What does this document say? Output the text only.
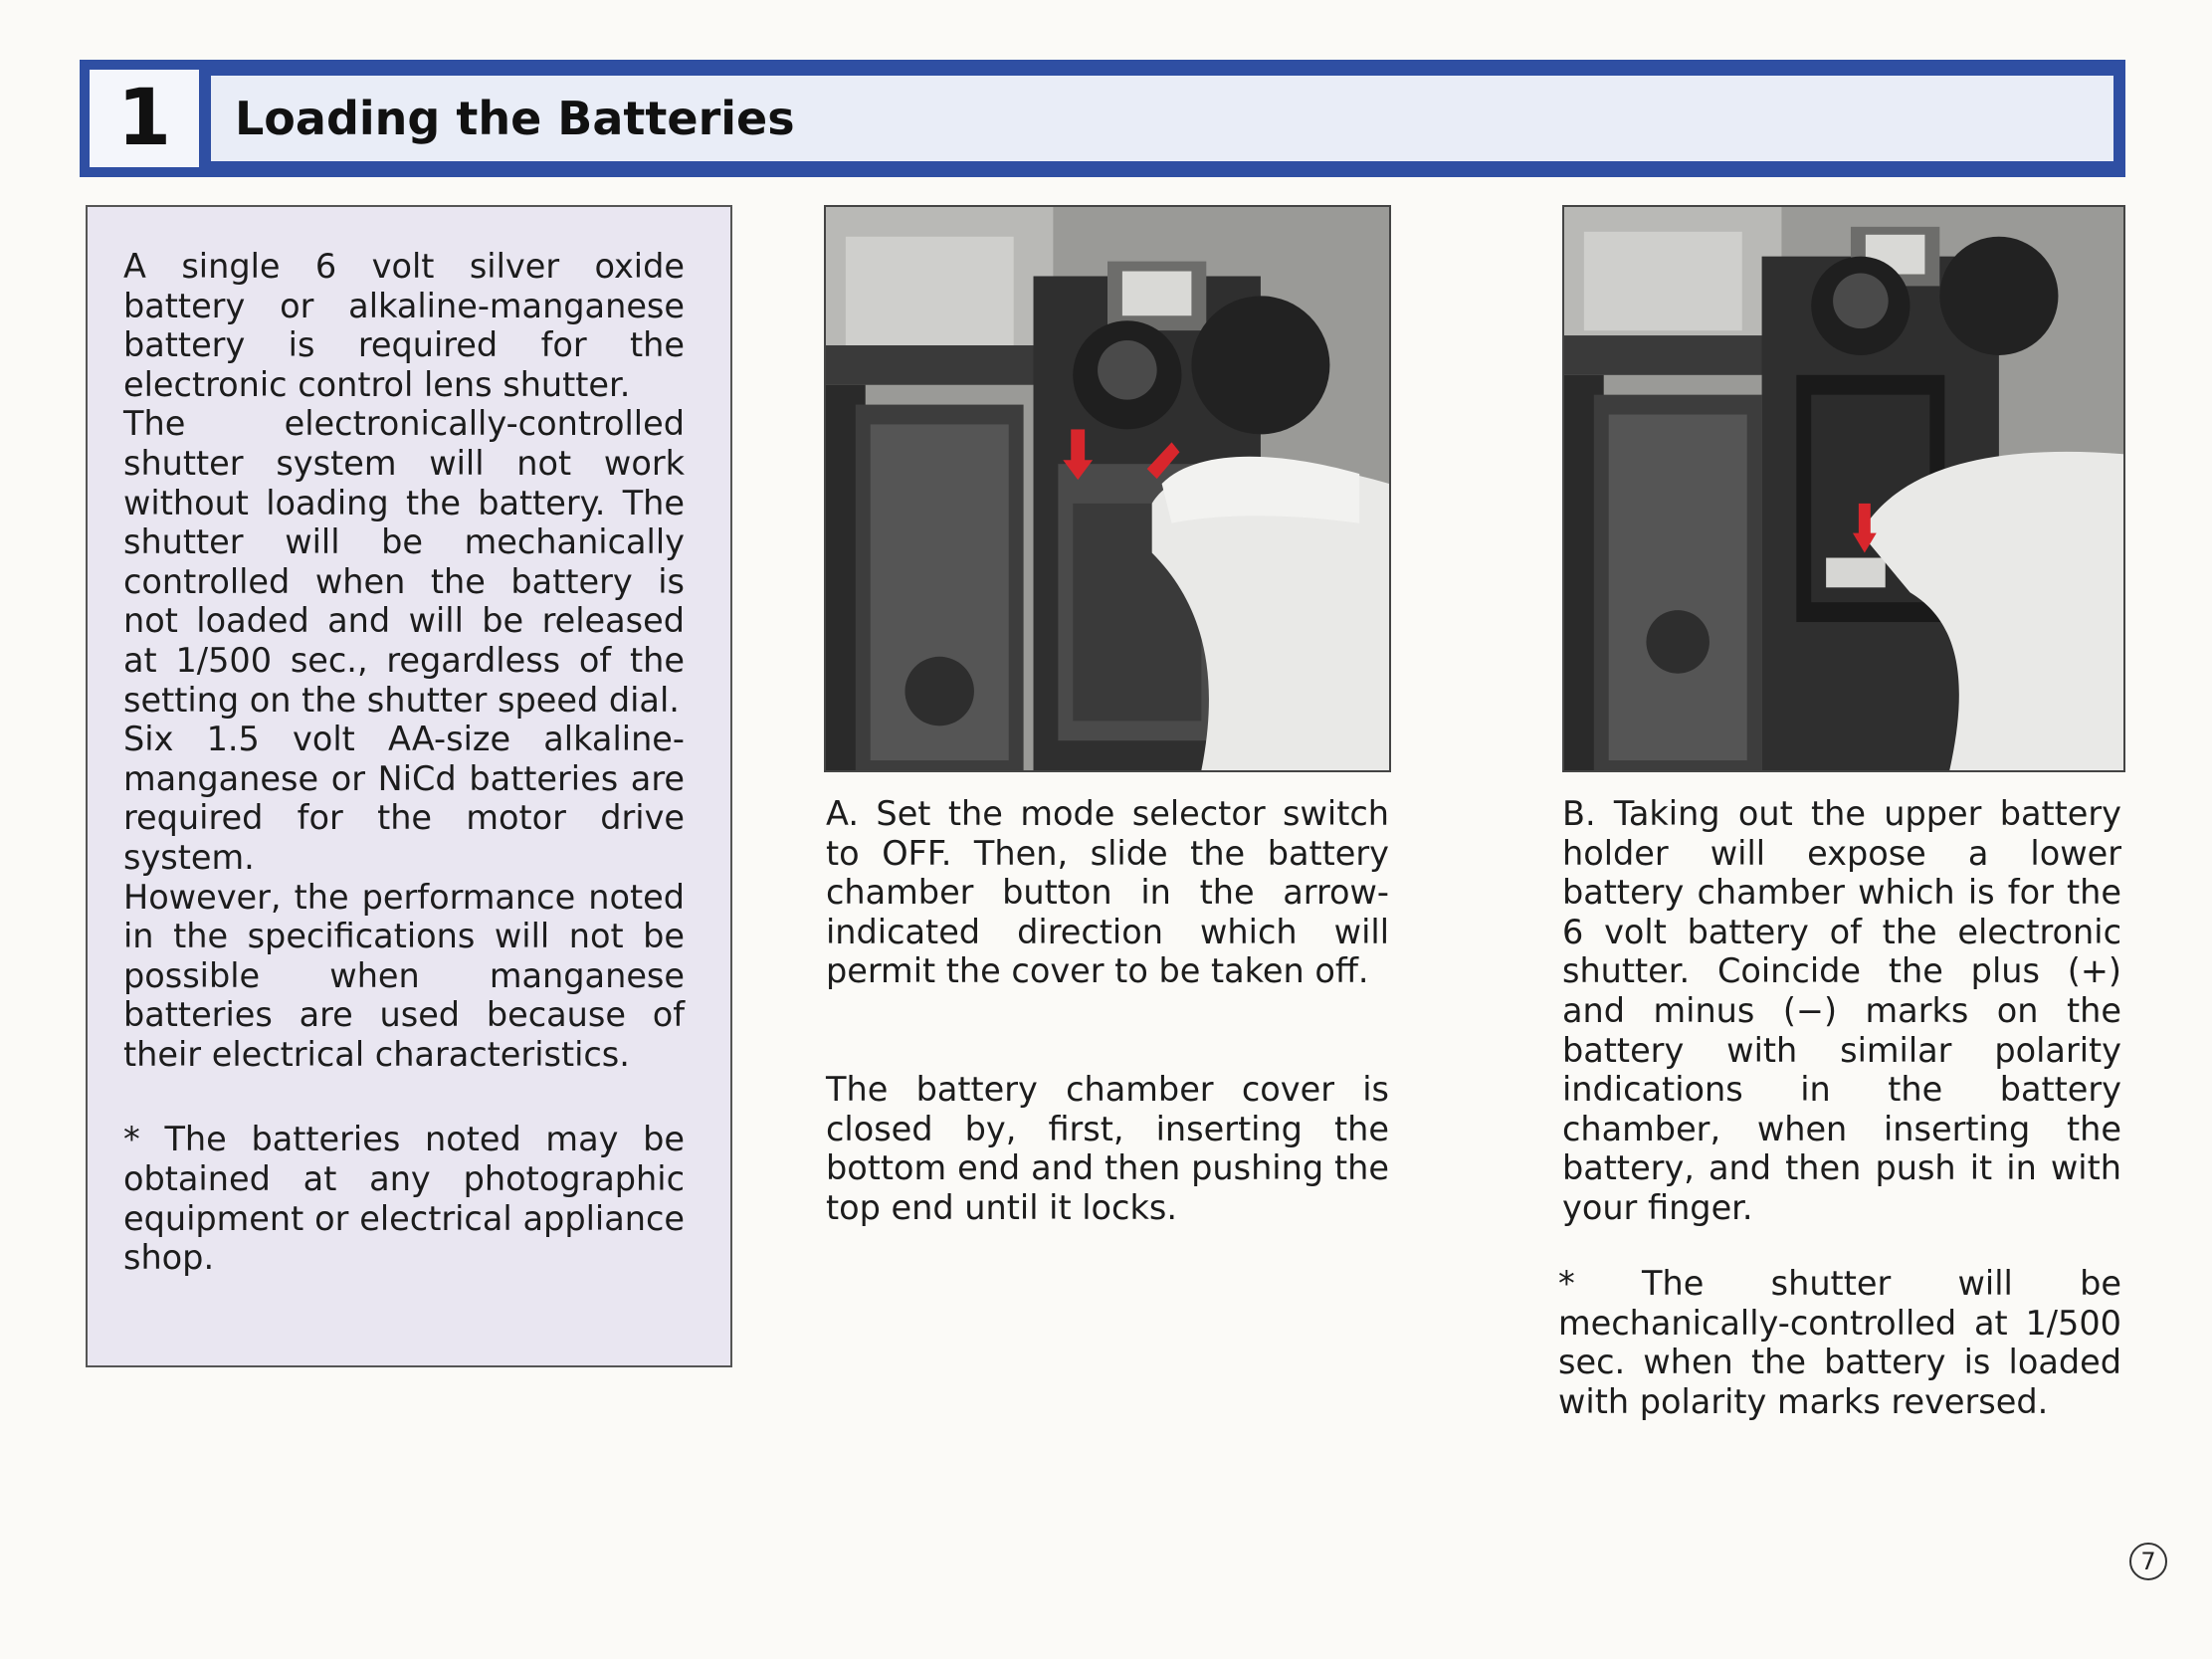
1	Loading the Batteries

A single 6 volt silver oxide battery or alkaline-manganese battery is required for the electronic control lens shutter.

The electronically-controlled shutter system will not work without loading the battery. The shutter will be mechanically controlled when the battery is not loaded and will be released at 1/500 sec., regardless of the setting on the shutter speed dial.

Six 1.5 volt AA-size alkaline-manganese or NiCd batteries are required for the motor drive system.

However, the performance noted in the specifications will not be possible when manganese batteries are used because of their electrical characteristics.

* The batteries noted may be obtained at any photographic equipment or electrical appliance shop.

A. Set the mode selector switch to OFF. Then, slide the battery chamber button in the arrow-indicated direction which will permit the cover to be taken off.

The battery chamber cover is closed by, first, inserting the bottom end and then pushing the top end until it locks.

B. Taking out the upper battery holder will expose a lower battery chamber which is for the 6 volt battery of the electronic shutter. Coincide the plus (+) and minus (−) marks on the battery with similar polarity indications in the battery chamber, when inserting the battery, and then push it in with your finger.

* The shutter will be mechanically-controlled at 1/500 sec. when the battery is loaded with polarity marks reversed.

7
